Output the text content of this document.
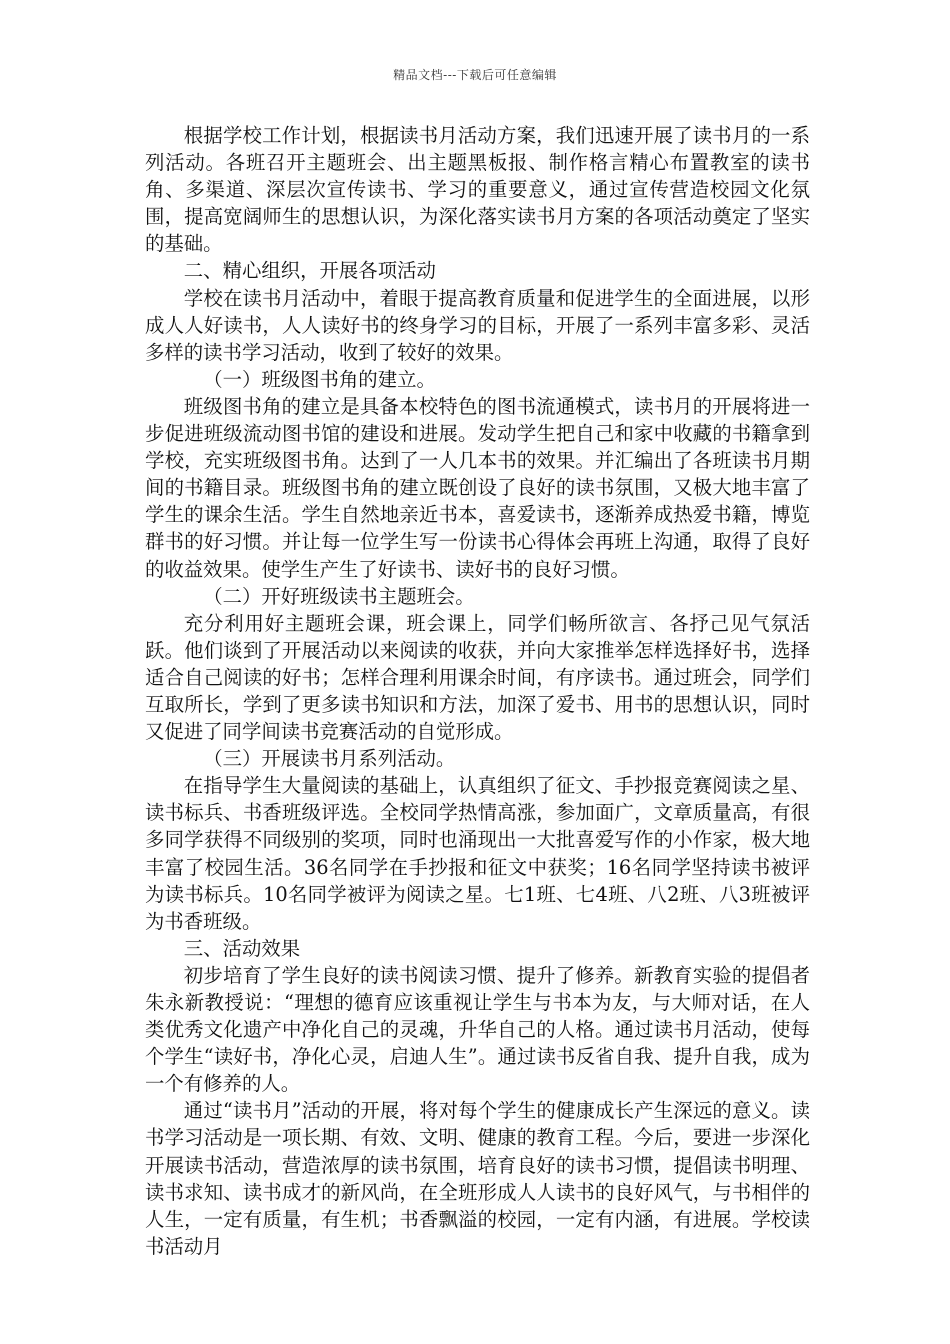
精品文档---下载后可任意编辑

根据学校工作计划，根据读书月活动方案，我们迅速开展了读书月的一系列活动。各班召开主题班会、出主题黑板报、制作格言精心布置教室的读书角、多渠道、深层次宣传读书、学习的重要意义，通过宣传营造校园文化氛围，提高宽阔师生的思想认识，为深化落实读书月方案的各项活动奠定了坚实的基础。

二、精心组织，开展各项活动

学校在读书月活动中，着眼于提高教育质量和促进学生的全面进展，以形成人人好读书，人人读好书的终身学习的目标，开展了一系列丰富多彩、灵活多样的读书学习活动，收到了较好的效果。

（一）班级图书角的建立。

班级图书角的建立是具备本校特色的图书流通模式，读书月的开展将进一步促进班级流动图书馆的建设和进展。发动学生把自己和家中收藏的书籍拿到学校，充实班级图书角。达到了一人几本书的效果。并汇编出了各班读书月期间的书籍目录。班级图书角的建立既创设了良好的读书氛围，又极大地丰富了学生的课余生活。学生自然地亲近书本，喜爱读书，逐渐养成热爱书籍，博览群书的好习惯。并让每一位学生写一份读书心得体会再班上沟通，取得了良好的收益效果。使学生产生了好读书、读好书的良好习惯。

（二）开好班级读书主题班会。

充分利用好主题班会课，班会课上，同学们畅所欲言、各抒己见气氛活跃。他们谈到了开展活动以来阅读的收获，并向大家推举怎样选择好书，选择适合自己阅读的好书；怎样合理利用课余时间，有序读书。通过班会，同学们互取所长，学到了更多读书知识和方法，加深了爱书、用书的思想认识，同时又促进了同学间读书竞赛活动的自觉形成。

（三）开展读书月系列活动。

在指导学生大量阅读的基础上，认真组织了征文、手抄报竞赛阅读之星、读书标兵、书香班级评选。全校同学热情高涨，参加面广，文章质量高，有很多同学获得不同级别的奖项，同时也涌现出一大批喜爱写作的小作家，极大地丰富了校园生活。36名同学在手抄报和征文中获奖；16名同学坚持读书被评为读书标兵。10名同学被评为阅读之星。七1班、七4班、八2班、八3班被评为书香班级。

三、活动效果

初步培育了学生良好的读书阅读习惯、提升了修养。新教育实验的提倡者朱永新教授说：“理想的德育应该重视让学生与书本为友，与大师对话，在人类优秀文化遗产中净化自己的灵魂，升华自己的人格。通过读书月活动，使每个学生“读好书，净化心灵，启迪人生”。通过读书反省自我、提升自我，成为一个有修养的人。

通过“读书月”活动的开展，将对每个学生的健康成长产生深远的意义。读书学习活动是一项长期、有效、文明、健康的教育工程。今后，要进一步深化开展读书活动，营造浓厚的读书氛围，培育良好的读书习惯，提倡读书明理、读书求知、读书成才的新风尚，在全班形成人人读书的良好风气，与书相伴的人生，一定有质量，有生机；书香飘溢的校园，一定有内涵，有进展。学校读书活动月
